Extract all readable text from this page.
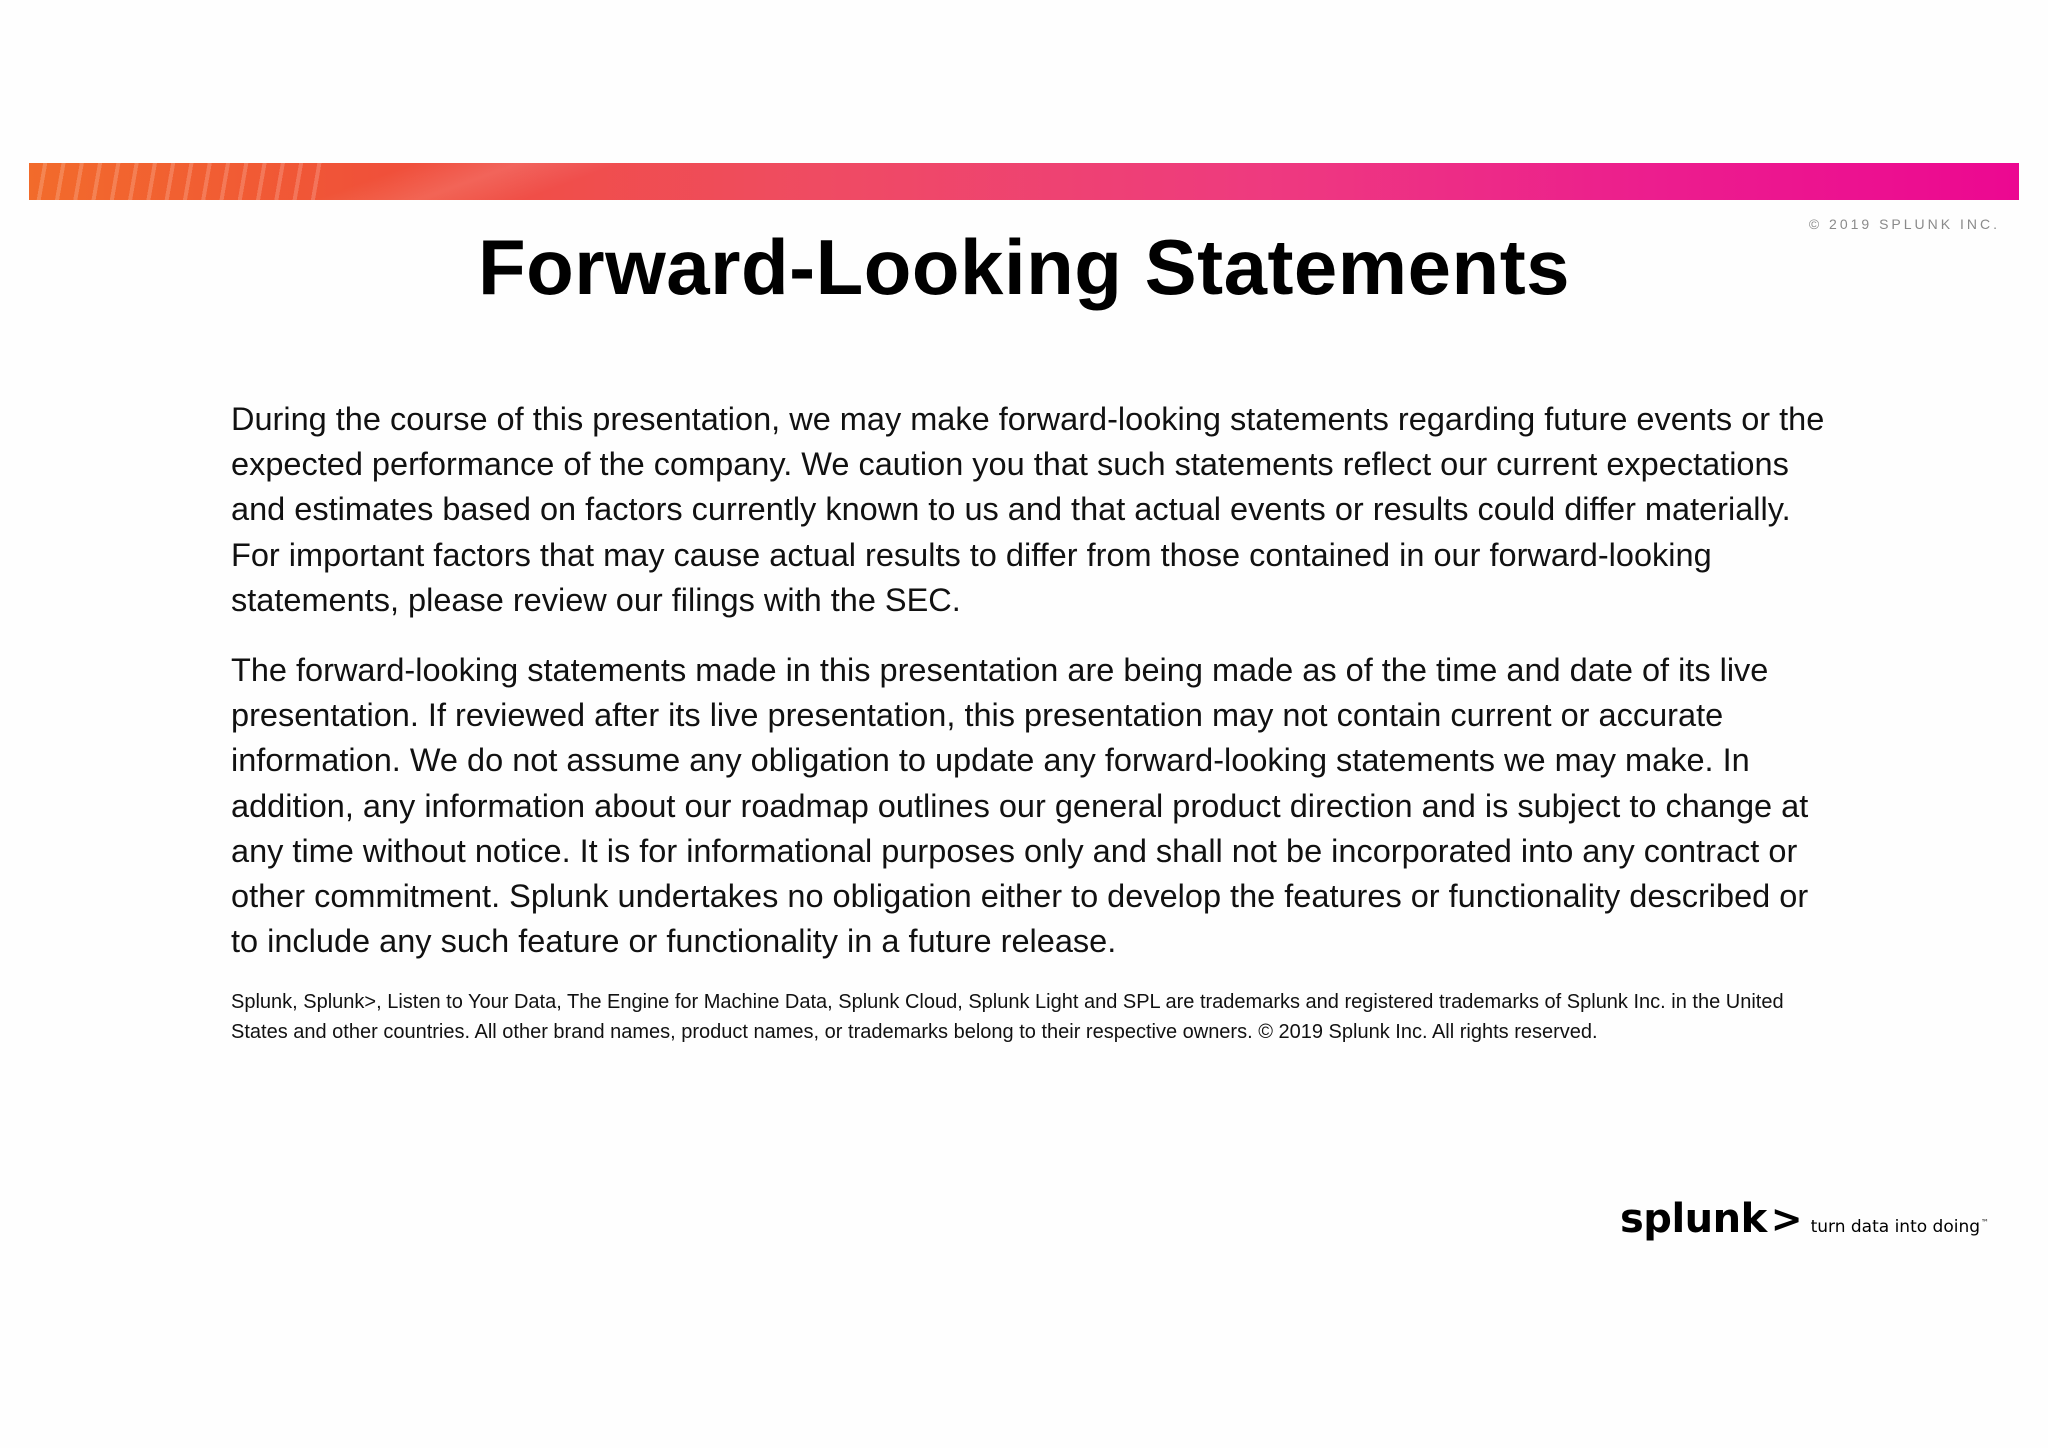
© 2019 SPLUNK INC.
Forward-Looking Statements

During the course of this presentation, we may make forward-looking statements regarding future events or the expected performance of the company. We caution you that such statements reflect our current expectations and estimates based on factors currently known to us and that actual events or results could differ materially. For important factors that may cause actual results to differ from those contained in our forward-looking statements, please review our filings with the SEC.

The forward-looking statements made in this presentation are being made as of the time and date of its live presentation. If reviewed after its live presentation, this presentation may not contain current or accurate information. We do not assume any obligation to update any forward-looking statements we may make. In addition, any information about our roadmap outlines our general product direction and is subject to change at any time without notice. It is for informational purposes only and shall not be incorporated into any contract or other commitment. Splunk undertakes no obligation either to develop the features or functionality described or to include any such feature or functionality in a future release.

Splunk, Splunk>, Listen to Your Data, The Engine for Machine Data, Splunk Cloud, Splunk Light and SPL are trademarks and registered trademarks of Splunk Inc. in the United States and other countries. All other brand names, product names, or trademarks belong to their respective owners. © 2019 Splunk Inc. All rights reserved.

splunk > turn data into doing™
